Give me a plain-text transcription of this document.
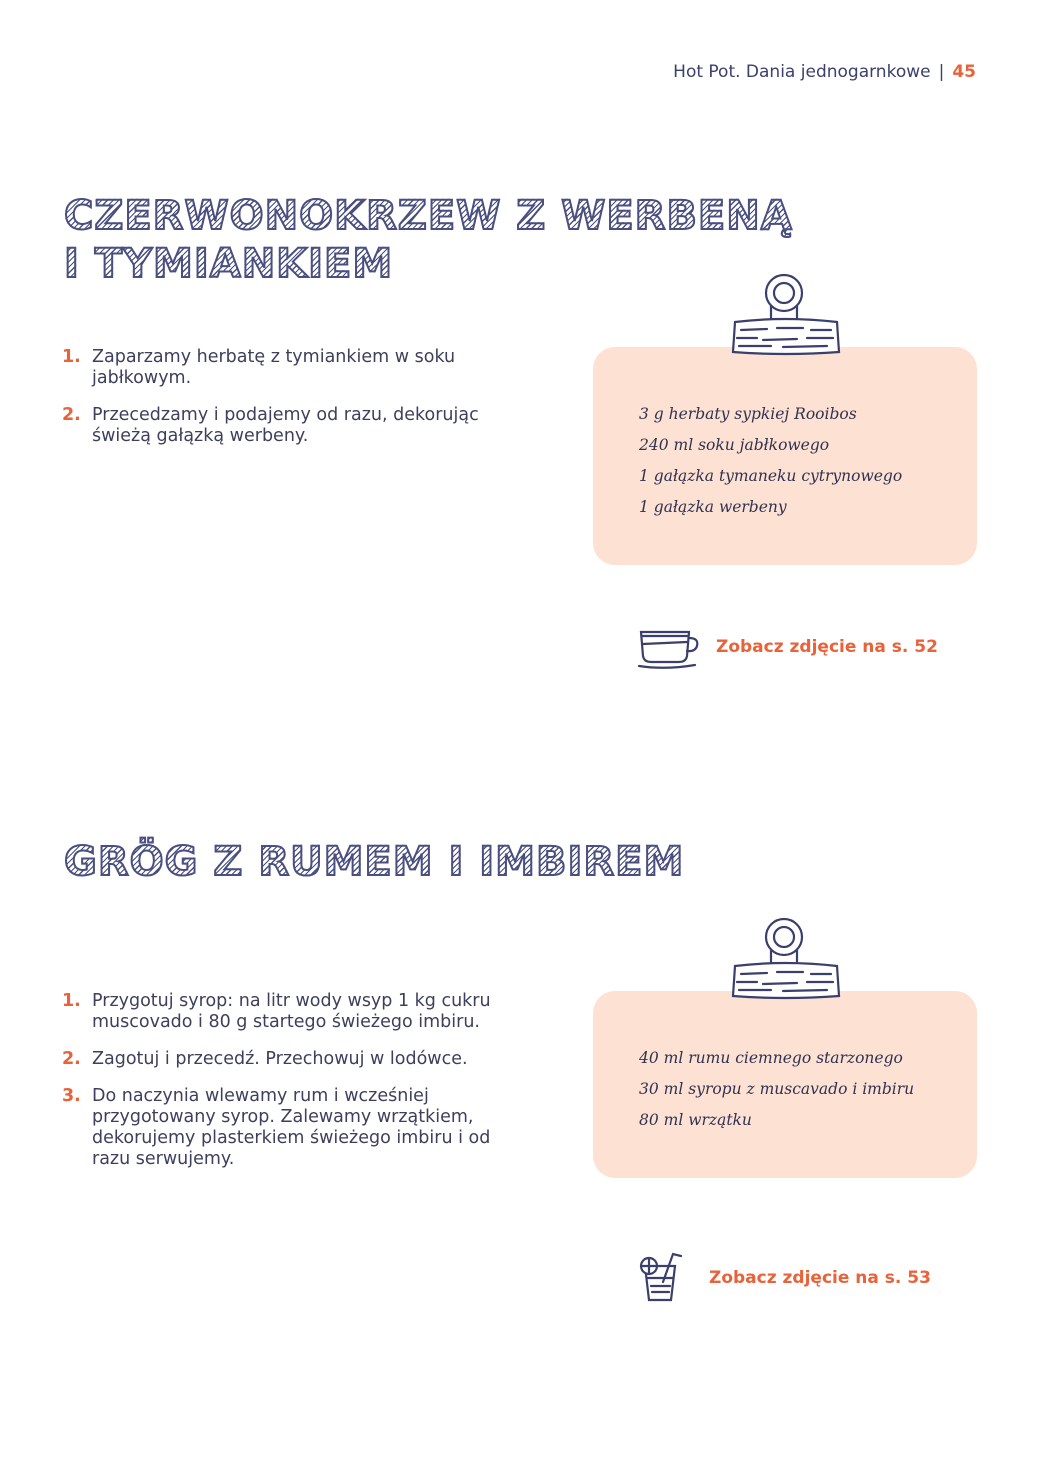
Hot Pot. Dania jednogarnkowe | 45
CZERWONOKRZEW Z WERBENĄ
I TYMIANKIEM
1. Zaparzamy herbatę z tymiankiem w soku jabłkowym.
2. Przecedzamy i podajemy od razu, dekorując świeżą gałązką werbeny.
3 g herbaty sypkiej Rooibos
240 ml soku jabłkowego
1 gałązka tymaneku cytrynowego
1 gałązka werbeny
Zobacz zdjęcie na s. 52
GRÖG Z RUMEM I IMBIREM
1. Przygotuj syrop: na litr wody wsyp 1 kg cukru muscovado i 80 g startego świeżego imbiru.
2. Zagotuj i przecedź. Przechowuj w lodówce.
3. Do naczynia wlewamy rum i wcześniej przygotowany syrop. Zalewamy wrzątkiem, dekorujemy plasterkiem świeżego imbiru i od razu serwujemy.
40 ml rumu ciemnego starzonego
30 ml syropu z muscavado i imbiru
80 ml wrzątku
Zobacz zdjęcie na s. 53
